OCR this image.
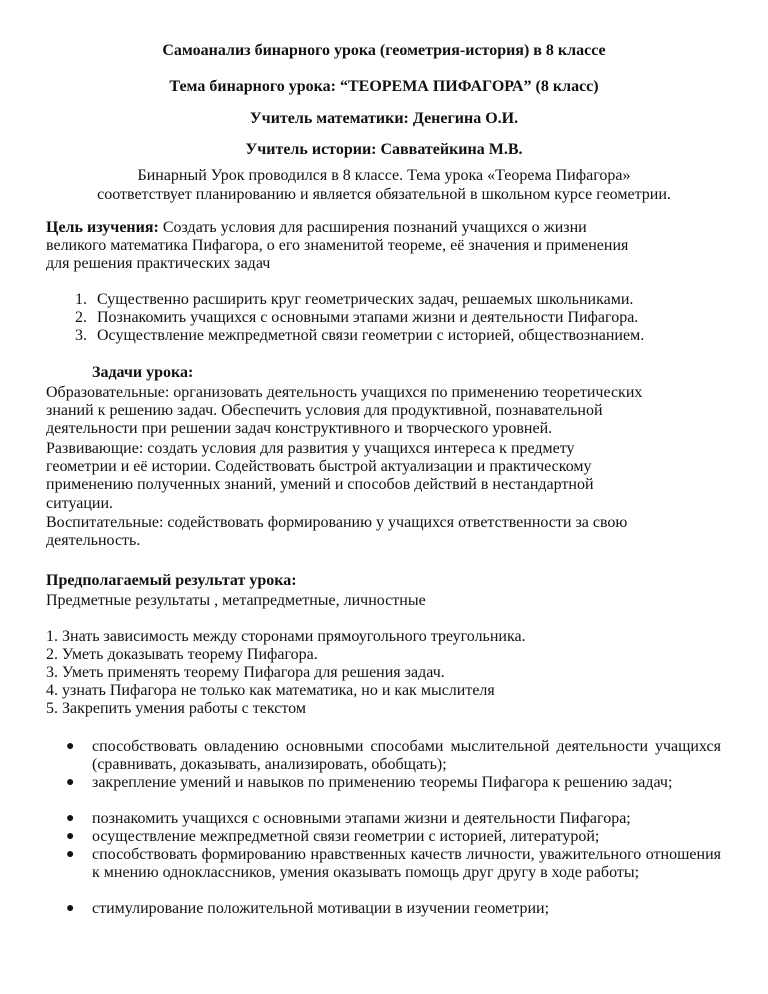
Самоанализ бинарного урока (геометрия-история) в 8 классе
Тема бинарного урока: “ТЕОРЕМА ПИФАГОРА” (8 класс)
Учитель математики: Денегина О.И.
Учитель истории: Савватейкина М.В.
Бинарный Урок проводился в 8 классе. Тема урока «Теорема Пифагора»
соответствует планированию и является обязательной в школьном курсе геометрии.
Цель изучения: Создать условия для расширения познаний учащихся о жизни
великого математика Пифагора, о его знаменитой теореме, её значения и применения
для решения практических задач
1. Существенно расширить круг геометрических задач, решаемых школьниками.
2. Познакомить учащихся с основными этапами жизни и деятельности Пифагора.
3. Осуществление межпредметной связи геометрии с историей, обществознанием.
Задачи урока:
Образовательные: организовать деятельность учащихся по применению теоретических
знаний к решению задач. Обеспечить условия для продуктивной, познавательной
деятельности при решении задач конструктивного и творческого уровней.
Развивающие: создать условия для развития у учащихся интереса к предмету
геометрии и её истории. Содействовать быстрой актуализации и практическому
применению полученных знаний, умений и способов действий в нестандартной
ситуации.
Воспитательные: содействовать формированию у учащихся ответственности за свою
деятельность.
Предполагаемый результат урока:
Предметные результаты , метапредметные, личностные
1. Знать зависимость между сторонами прямоугольного треугольника.
2. Уметь доказывать теорему Пифагора.
3. Уметь применять теорему Пифагора для решения задач.
4. узнать Пифагора не только как математика, но и как мыслителя
5. Закрепить умения работы с текстом
● способствовать овладению основными способами мыслительной деятельности учащихся (сравнивать, доказывать, анализировать, обобщать);
● закрепление умений и навыков по применению теоремы Пифагора к решению задач;
● познакомить учащихся с основными этапами жизни и деятельности Пифагора;
● осуществление межпредметной связи геометрии с историей, литературой;
● способствовать формированию нравственных качеств личности, уважительного отношения к мнению одноклассников, умения оказывать помощь друг другу в ходе работы;
● стимулирование положительной мотивации в изучении геометрии;
